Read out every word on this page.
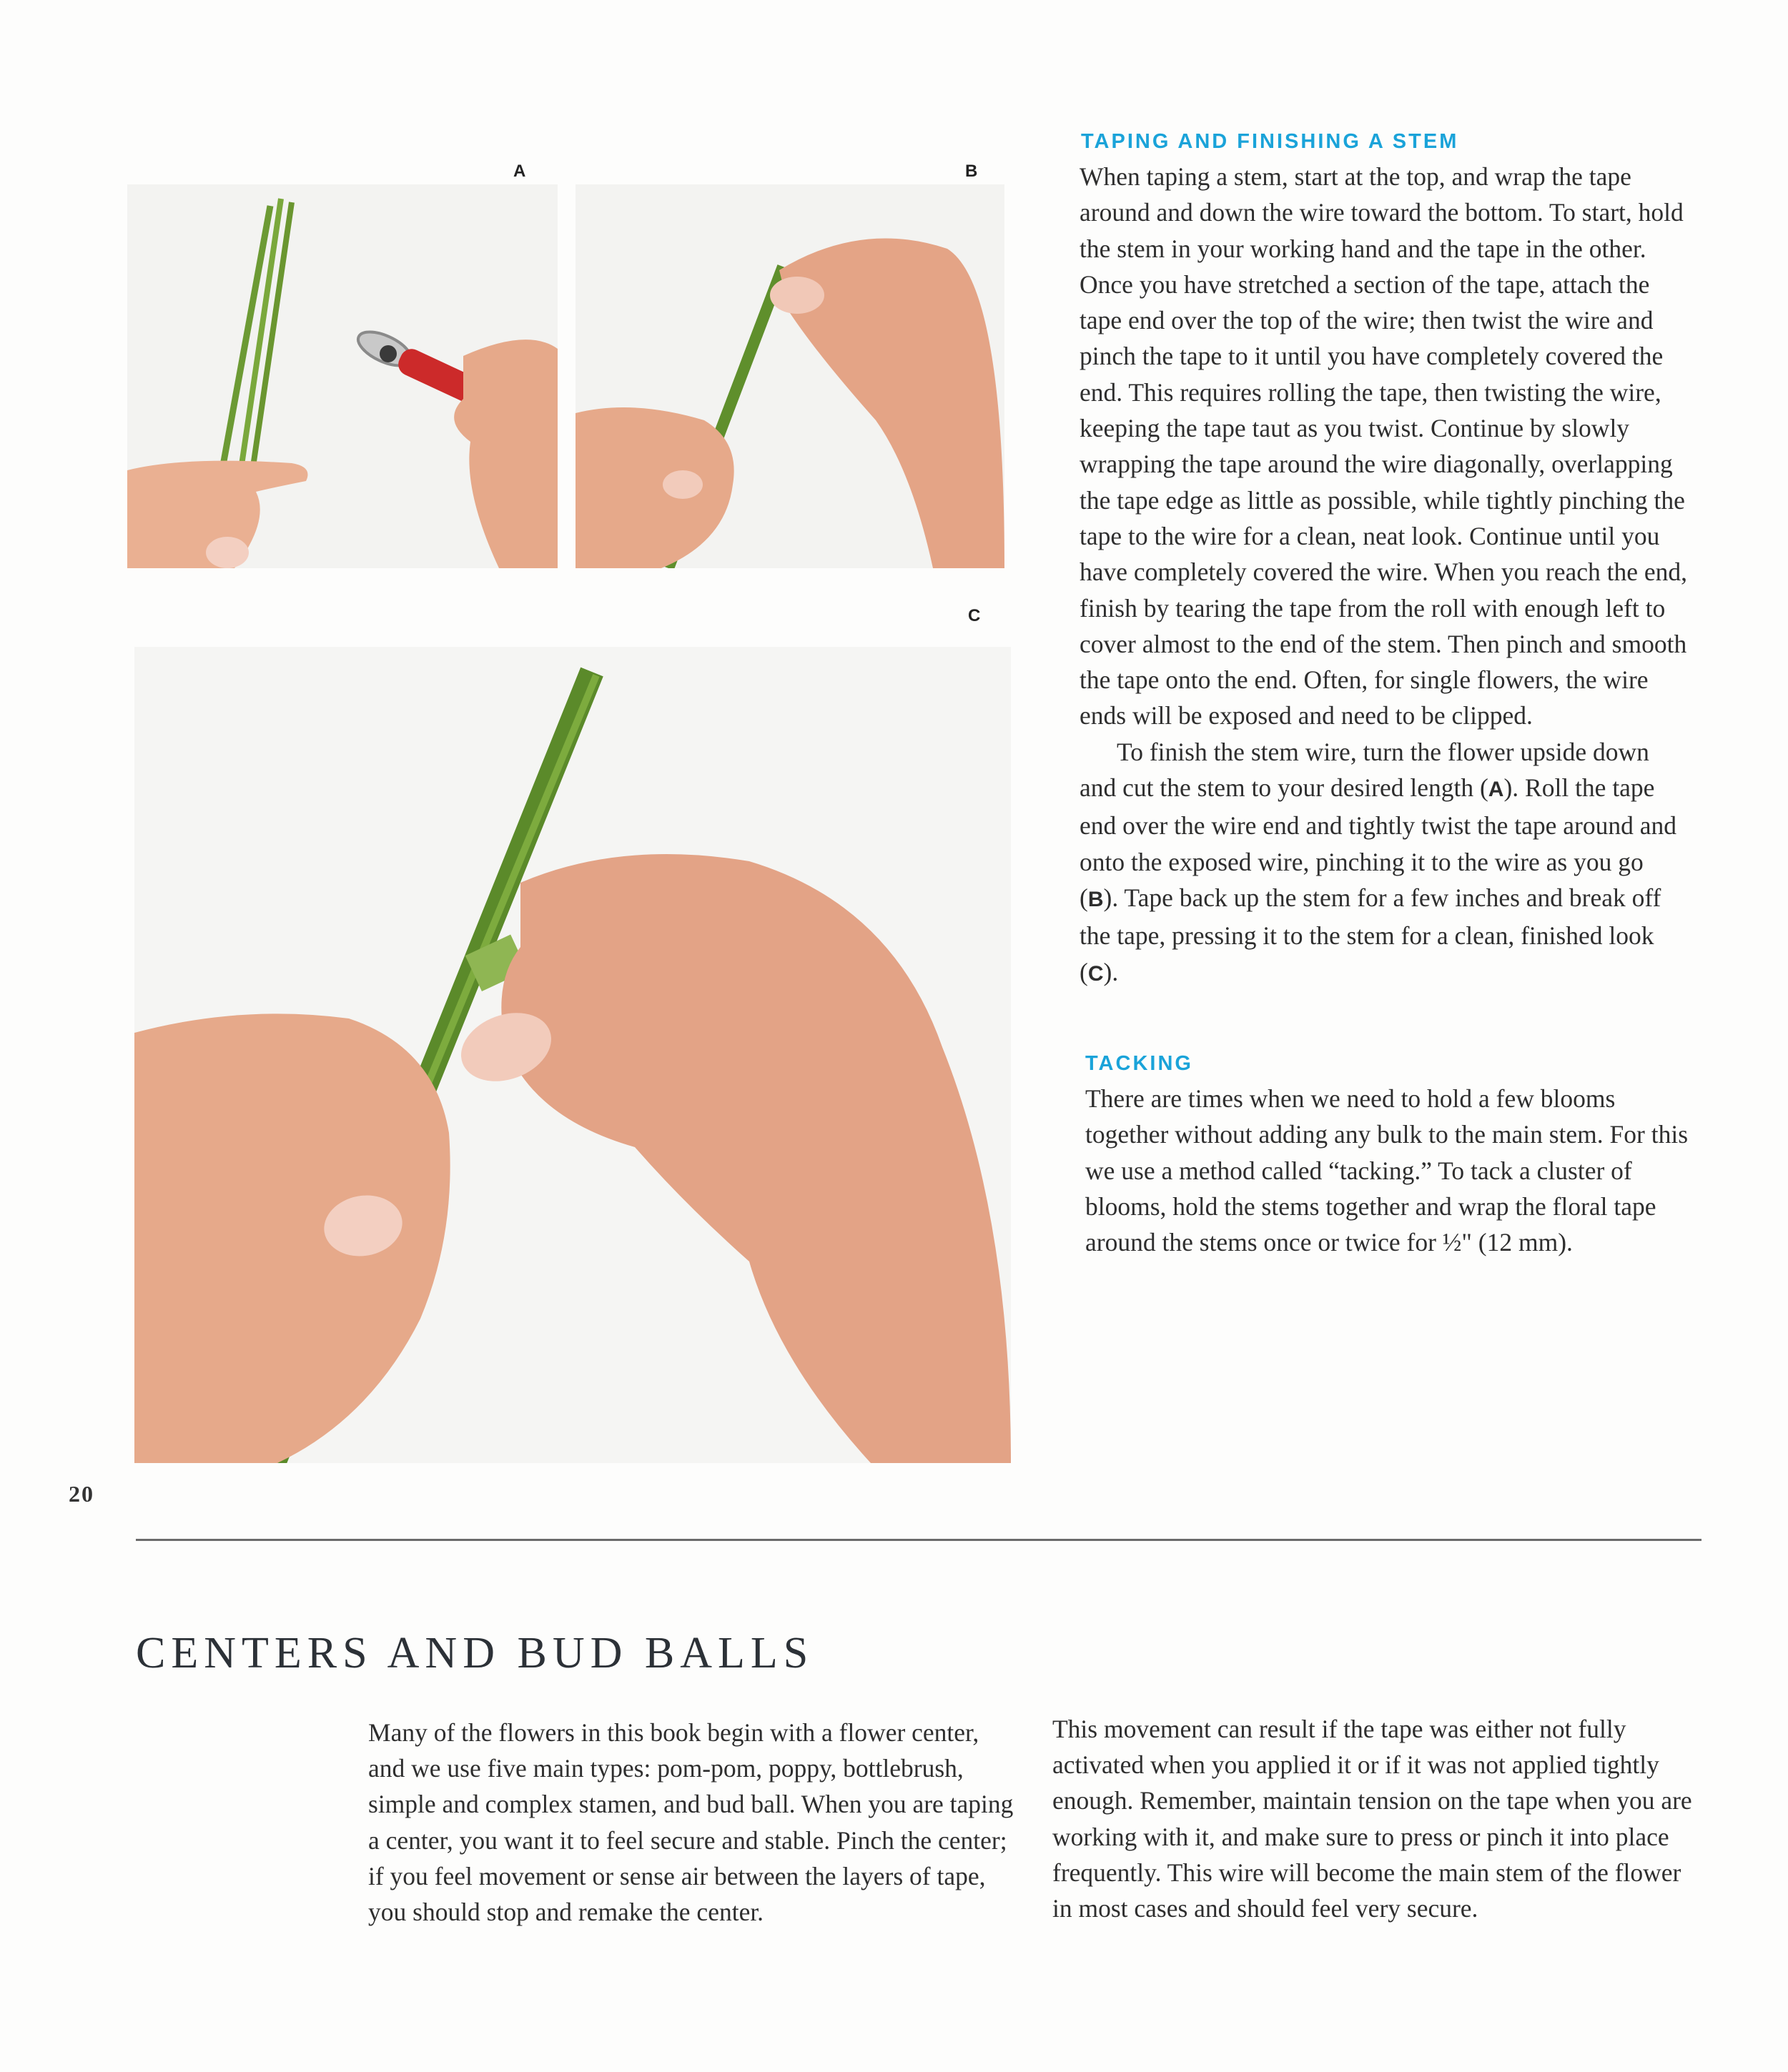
A	B
C
TAPING AND FINISHING A STEM

When taping a stem, start at the top, and wrap the tape around and down the wire toward the bottom. To start, hold the stem in your working hand and the tape in the other. Once you have stretched a section of the tape, attach the tape end over the top of the wire; then twist the wire and pinch the tape to it until you have completely covered the end. This requires rolling the tape, then twisting the wire, keeping the tape taut as you twist. Continue by slowly wrapping the tape around the wire diagonally, overlapping the tape edge as little as possible, while tightly pinching the tape to the wire for a clean, neat look. Continue until you have completely covered the wire. When you reach the end, finish by tearing the tape from the roll with enough left to cover almost to the end of the stem. Then pinch and smooth the tape onto the end. Often, for single flowers, the wire ends will be exposed and need to be clipped.

To finish the stem wire, turn the flower upside down and cut the stem to your desired length (A). Roll the tape end over the wire end and tightly twist the tape around and onto the exposed wire, pinching it to the wire as you go (B). Tape back up the stem for a few inches and break off the tape, pressing it to the stem for a clean, finished look (C).

TACKING
There are times when we need to hold a few blooms together without adding any bulk to the main stem. For this we use a method called “tacking.” To tack a cluster of blooms, hold the stems together and wrap the floral tape around the stems once or twice for ½" (12 mm).
20
CENTERS AND BUD BALLS
Many of the flowers in this book begin with a flower center, and we use five main types: pom-pom, poppy, bottlebrush, simple and complex stamen, and bud ball. When you are taping a center, you want it to feel secure and stable. Pinch the center; if you feel movement or sense air between the layers of tape, you should stop and remake the center.
This movement can result if the tape was either not fully activated when you applied it or if it was not applied tightly enough. Remember, maintain tension on the tape when you are working with it, and make sure to press or pinch it into place frequently. This wire will become the main stem of the flower in most cases and should feel very secure.
